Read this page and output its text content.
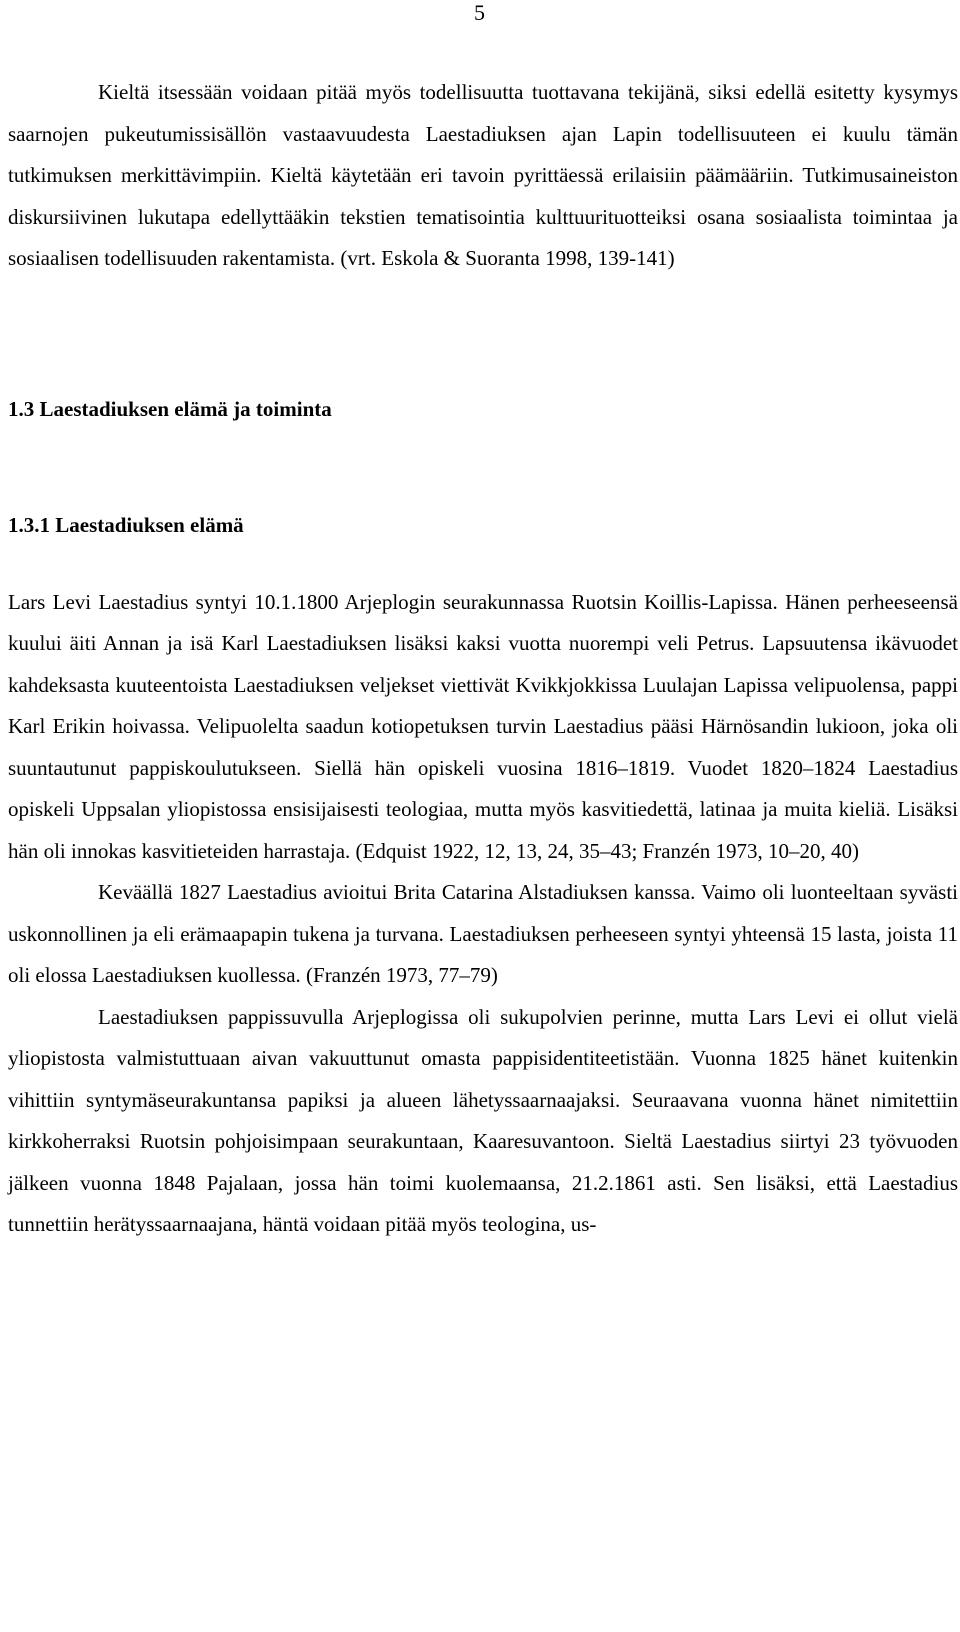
5

Kieltä itsessään voidaan pitää myös todellisuutta tuottavana tekijänä, siksi edellä esitetty kysymys saarnojen pukeutumissisällön vastaavuudesta Laestadiuksen ajan Lapin todellisuuteen ei kuulu tämän tutkimuksen merkittävimpiin. Kieltä käytetään eri tavoin pyrittäessä erilaisiin päämääriin. Tutkimusaineiston diskursiivinen lukutapa edellyttääkin tekstien tematisointia kulttuurituotteiksi osana sosiaalista toimintaa ja sosiaalisen todellisuuden rakentamista. (vrt. Eskola & Suoranta 1998, 139-141)

1.3 Laestadiuksen elämä ja toiminta
1.3.1 Laestadiuksen elämä

Lars Levi Laestadius syntyi 10.1.1800 Arjeplogin seurakunnassa Ruotsin Koillis-Lapissa. Hänen perheeseensä kuului äiti Annan ja isä Karl Laestadiuksen lisäksi kaksi vuotta nuorempi veli Petrus. Lapsuutensa ikävuodet kahdeksasta kuuteentoista Laestadiuksen veljekset viettivät Kvikkjokkissa Luulajan Lapissa velipuolensa, pappi Karl Erikin hoivassa. Velipuolelta saadun kotiopetuksen turvin Laestadius pääsi Härnösandin lukioon, joka oli suuntautunut pappiskoulutukseen. Siellä hän opiskeli vuosina 1816–1819. Vuodet 1820–1824 Laestadius opiskeli Uppsalan yliopistossa ensisijaisesti teologiaa, mutta myös kasvitiedettä, latinaa ja muita kieliä. Lisäksi hän oli innokas kasvitieteiden harrastaja. (Edquist 1922, 12, 13, 24, 35–43; Franzén 1973, 10–20, 40)

Keväällä 1827 Laestadius avioitui Brita Catarina Alstadiuksen kanssa. Vaimo oli luonteeltaan syvästi uskonnollinen ja eli erämaapapin tukena ja turvana. Laestadiuksen perheeseen syntyi yhteensä 15 lasta, joista 11 oli elossa Laestadiuksen kuollessa. (Franzén 1973, 77–79)

Laestadiuksen pappissuvulla Arjeplogissa oli sukupolvien perinne, mutta Lars Levi ei ollut vielä yliopistosta valmistuttuaan aivan vakuuttunut omasta pappisidentiteetistään. Vuonna 1825 hänet kuitenkin vihittiin syntymäseurakuntansa papiksi ja alueen lähetyssaarnaajaksi. Seuraavana vuonna hänet nimitettiin kirkkoherraksi Ruotsin pohjoisimpaan seurakuntaan, Kaaresuvantoon. Sieltä Laestadius siirtyi 23 työvuoden jälkeen vuonna 1848 Pajalaan, jossa hän toimi kuolemaansa, 21.2.1861 asti. Sen lisäksi, että Laestadius tunnettiin herätyssaarnaajana, häntä voidaan pitää myös teologina, us-
